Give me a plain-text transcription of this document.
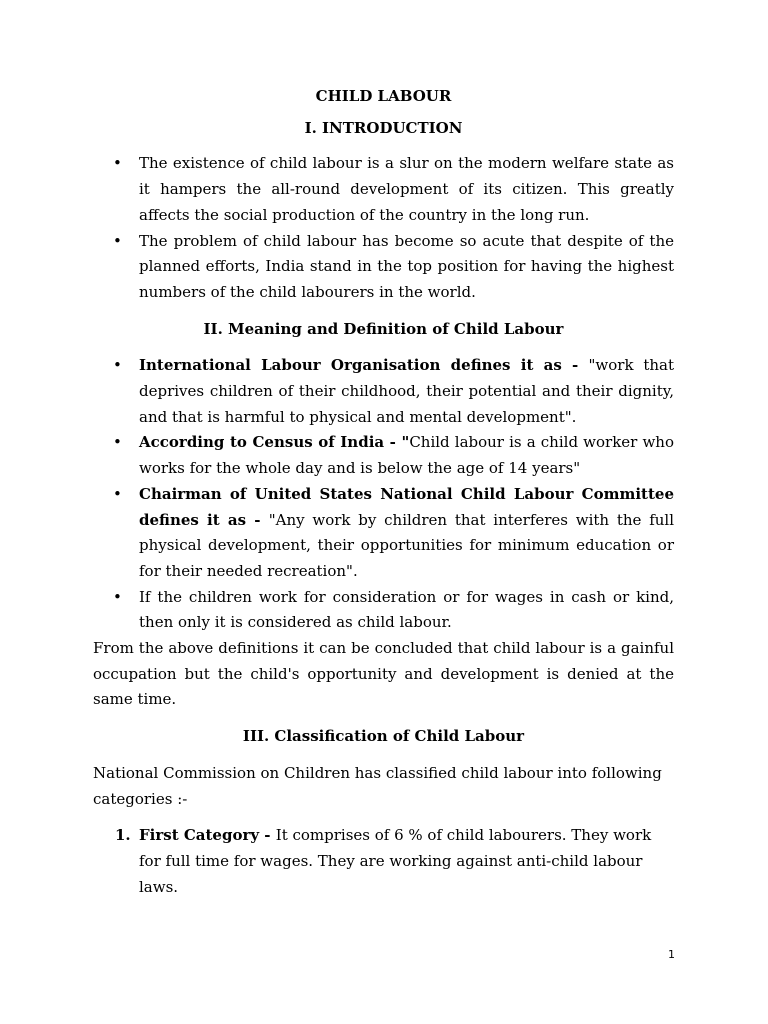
CHILD LABOUR
I. INTRODUCTION
• The existence of child labour is a slur on the modern welfare state as it hampers the all-round development of its citizen. This greatly affects the social production of the country in the long run.
• The problem of child labour has become so acute that despite of the planned efforts, India stand in the top position for having the highest numbers of the child labourers in the world.
II. Meaning and Definition of Child Labour
• International Labour Organisation defines it as - "work that deprives children of their childhood, their potential and their dignity, and that is harmful to physical and mental development".
• According to Census of India - "Child labour is a child worker who works for the whole day and is below the age of 14 years"
• Chairman of United States National Child Labour Committee defines it as - "Any work by children that interferes with the full physical development, their opportunities for minimum education or for their needed recreation".
• If the children work for consideration or for wages in cash or kind, then only it is considered as child labour.

From the above definitions it can be concluded that child labour is a gainful occupation but the child's opportunity and development is denied at the same time.

III. Classification of Child Labour

National Commission on Children has classified child labour into following categories :-

1. First Category - It comprises of 6 % of child labourers. They work for full time for wages. They are working against anti-child labour laws.
1
